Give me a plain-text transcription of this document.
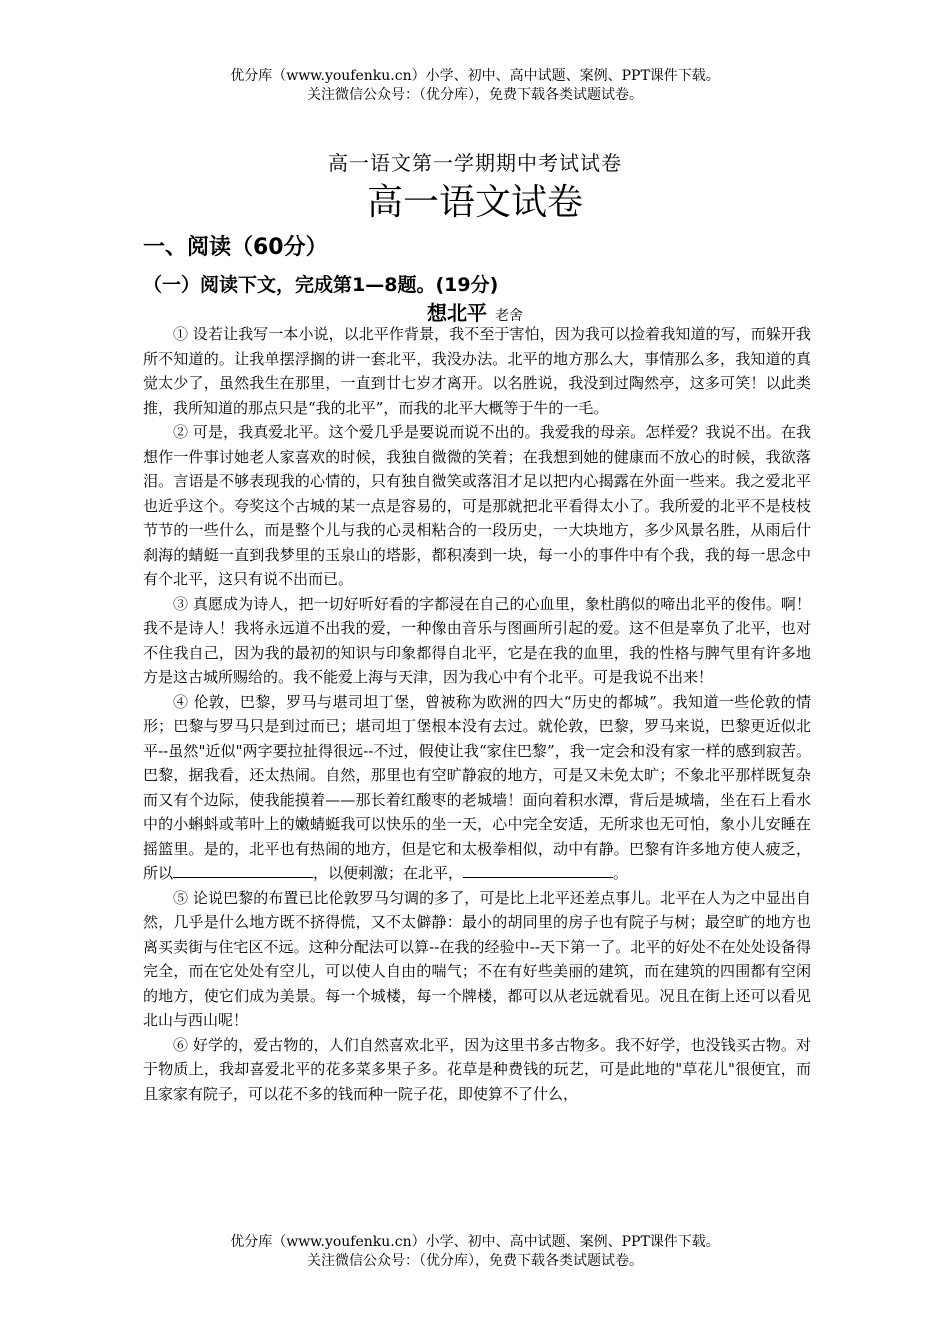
优分库（www.youfenku.cn）小学、初中、高中试题、案例、PPT课件下载。
关注微信公众号：（优分库），免费下载各类试题试卷。
高一语文第一学期期中考试试卷
高一语文试卷
一、阅读（60分）
（一）阅读下文，完成第1—8题。(19分)
想北平 老舍

① 设若让我写一本小说，以北平作背景，我不至于害怕，因为我可以捡着我知道的写，而躲开我所不知道的。让我单摆浮搁的讲一套北平，我没办法。北平的地方那么大，事情那么多，我知道的真觉太少了，虽然我生在那里，一直到廿七岁才离开。以名胜说，我没到过陶然亭，这多可笑！以此类推，我所知道的那点只是“我的北平”，而我的北平大概等于牛的一毛。

② 可是，我真爱北平。这个爱几乎是要说而说不出的。我爱我的母亲。怎样爱？我说不出。在我想作一件事讨她老人家喜欢的时候，我独自微微的笑着；在我想到她的健康而不放心的时候，我欲落泪。言语是不够表现我的心情的，只有独自微笑或落泪才足以把内心揭露在外面一些来。我之爱北平也近乎这个。夸奖这个古城的某一点是容易的，可是那就把北平看得太小了。我所爱的北平不是枝枝节节的一些什么，而是整个儿与我的心灵相粘合的一段历史，一大块地方，多少风景名胜，从雨后什刹海的蜻蜓一直到我梦里的玉泉山的塔影，都积凑到一块，每一小的事件中有个我，我的每一思念中有个北平，这只有说不出而已。

③ 真愿成为诗人，把一切好听好看的字都浸在自己的心血里，象杜鹃似的啼出北平的俊伟。啊！我不是诗人！我将永远道不出我的爱，一种像由音乐与图画所引起的爱。这不但是辜负了北平，也对不住我自己，因为我的最初的知识与印象都得自北平，它是在我的血里，我的性格与脾气里有许多地方是这古城所赐给的。我不能爱上海与天津，因为我心中有个北平。可是我说不出来！

④ 伦敦，巴黎，罗马与堪司坦丁堡，曾被称为欧洲的四大“历史的都城”。我知道一些伦敦的情形；巴黎与罗马只是到过而已；堪司坦丁堡根本没有去过。就伦敦，巴黎，罗马来说，巴黎更近似北平--虽然"近似"两字要拉扯得很远--不过，假使让我“家住巴黎”，我一定会和没有家一样的感到寂苦。巴黎，据我看，还太热闹。自然，那里也有空旷静寂的地方，可是又未免太旷；不象北平那样既复杂而又有个边际，使我能摸着——那长着红酸枣的老城墙！面向着积水潭，背后是城墙，坐在石上看水中的小蝌蚪或苇叶上的嫩蜻蜓我可以快乐的坐一天，心中完全安适，无所求也无可怕，象小儿安睡在摇篮里。是的，北平也有热闹的地方，但是它和太极拳相似，动中有静。巴黎有许多地方使人疲乏，所以	，以便刺激；在北平，	。

⑤ 论说巴黎的布置已比伦敦罗马匀调的多了，可是比上北平还差点事儿。北平在人为之中显出自然，几乎是什么地方既不挤得慌，又不太僻静：最小的胡同里的房子也有院子与树；最空旷的地方也离买卖街与住宅区不远。这种分配法可以算--在我的经验中--天下第一了。北平的好处不在处处设备得完全，而在它处处有空儿，可以使人自由的喘气；不在有好些美丽的建筑，而在建筑的四围都有空闲的地方，使它们成为美景。每一个城楼，每一个牌楼，都可以从老远就看见。况且在街上还可以看见北山与西山呢！

⑥ 好学的，爱古物的，人们自然喜欢北平，因为这里书多古物多。我不好学，也没钱买古物。对于物质上，我却喜爱北平的花多菜多果子多。花草是种费钱的玩艺，可是此地的"草花儿"很便宜，而且家家有院子，可以花不多的钱而种一院子花，即使算不了什么，

优分库（www.youfenku.cn）小学、初中、高中试题、案例、PPT课件下载。
关注微信公众号：（优分库），免费下载各类试题试卷。
